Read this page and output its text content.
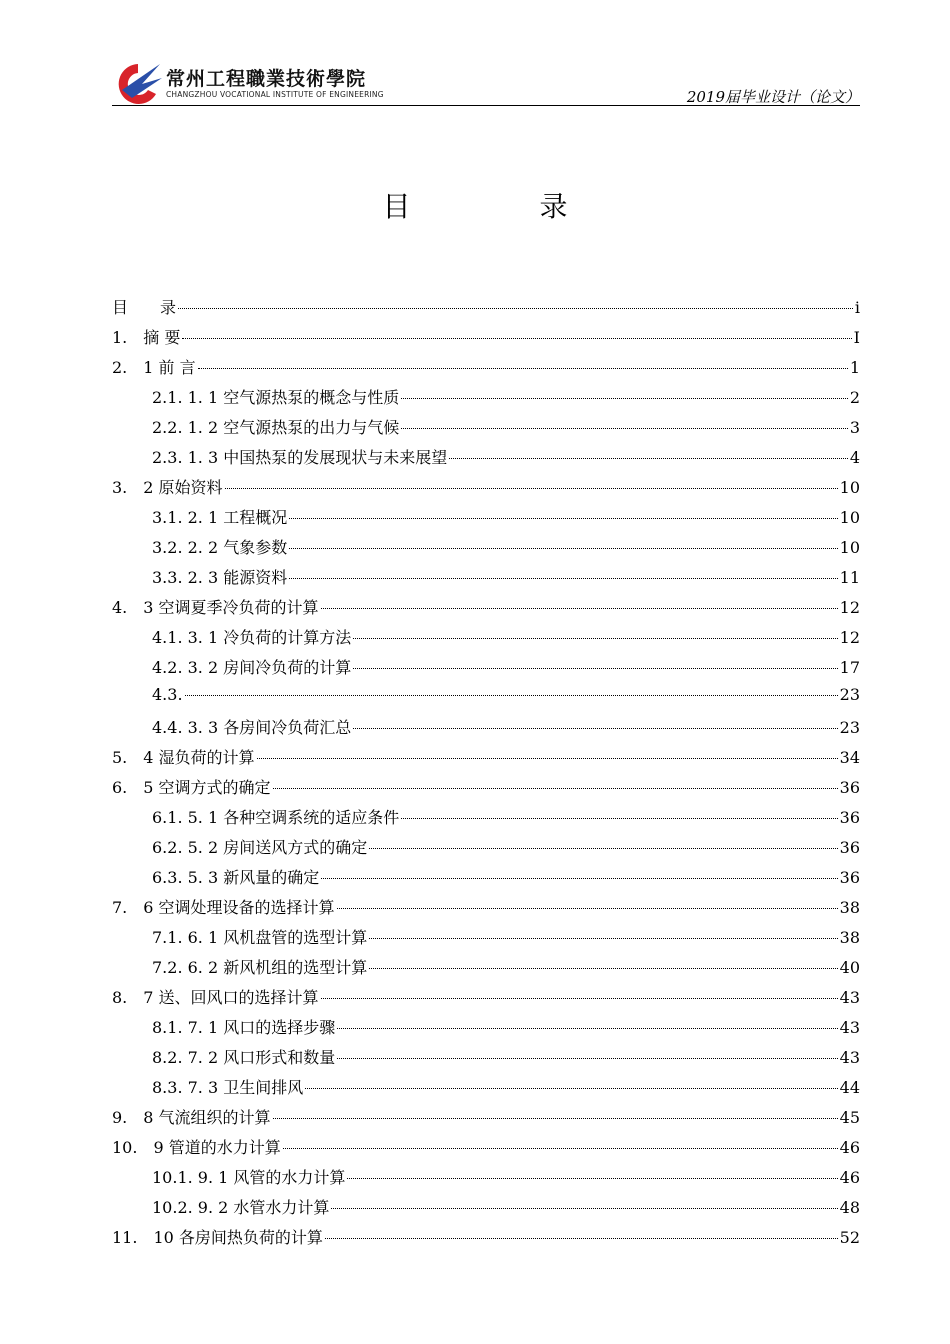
常州工程職業技術學院
CHANGZHOU VOCATIONAL INSTITUTE OF ENGINEERING	2019届毕业设计（论文）
目 录
目　　录	i
1.　摘 要	I
2.　1 前 言	1
2.1. 1. 1 空气源热泵的概念与性质	2
2.2. 1. 2 空气源热泵的出力与气候	3
2.3. 1. 3 中国热泵的发展现状与未来展望	4
3.　2 原始资料	10
3.1. 2. 1 工程概况	10
3.2. 2. 2 气象参数	10
3.3. 2. 3 能源资料	11
4.　3 空调夏季冷负荷的计算	12
4.1. 3. 1 冷负荷的计算方法	12
4.2. 3. 2 房间冷负荷的计算	17
4.3.	23
4.4. 3. 3 各房间冷负荷汇总	23
5.　4 湿负荷的计算	34
6.　5 空调方式的确定	36
6.1. 5. 1 各种空调系统的适应条件	36
6.2. 5. 2 房间送风方式的确定	36
6.3. 5. 3 新风量的确定	36
7.　6 空调处理设备的选择计算	38
7.1. 6. 1 风机盘管的选型计算	38
7.2. 6. 2 新风机组的选型计算	40
8.　7 送、回风口的选择计算	43
8.1. 7. 1 风口的选择步骤	43
8.2. 7. 2 风口形式和数量	43
8.3. 7. 3 卫生间排风	44
9.　8 气流组织的计算	45
10.　9 管道的水力计算	46
10.1. 9. 1 风管的水力计算	46
10.2. 9. 2 水管水力计算	48
11.　10 各房间热负荷的计算	52
